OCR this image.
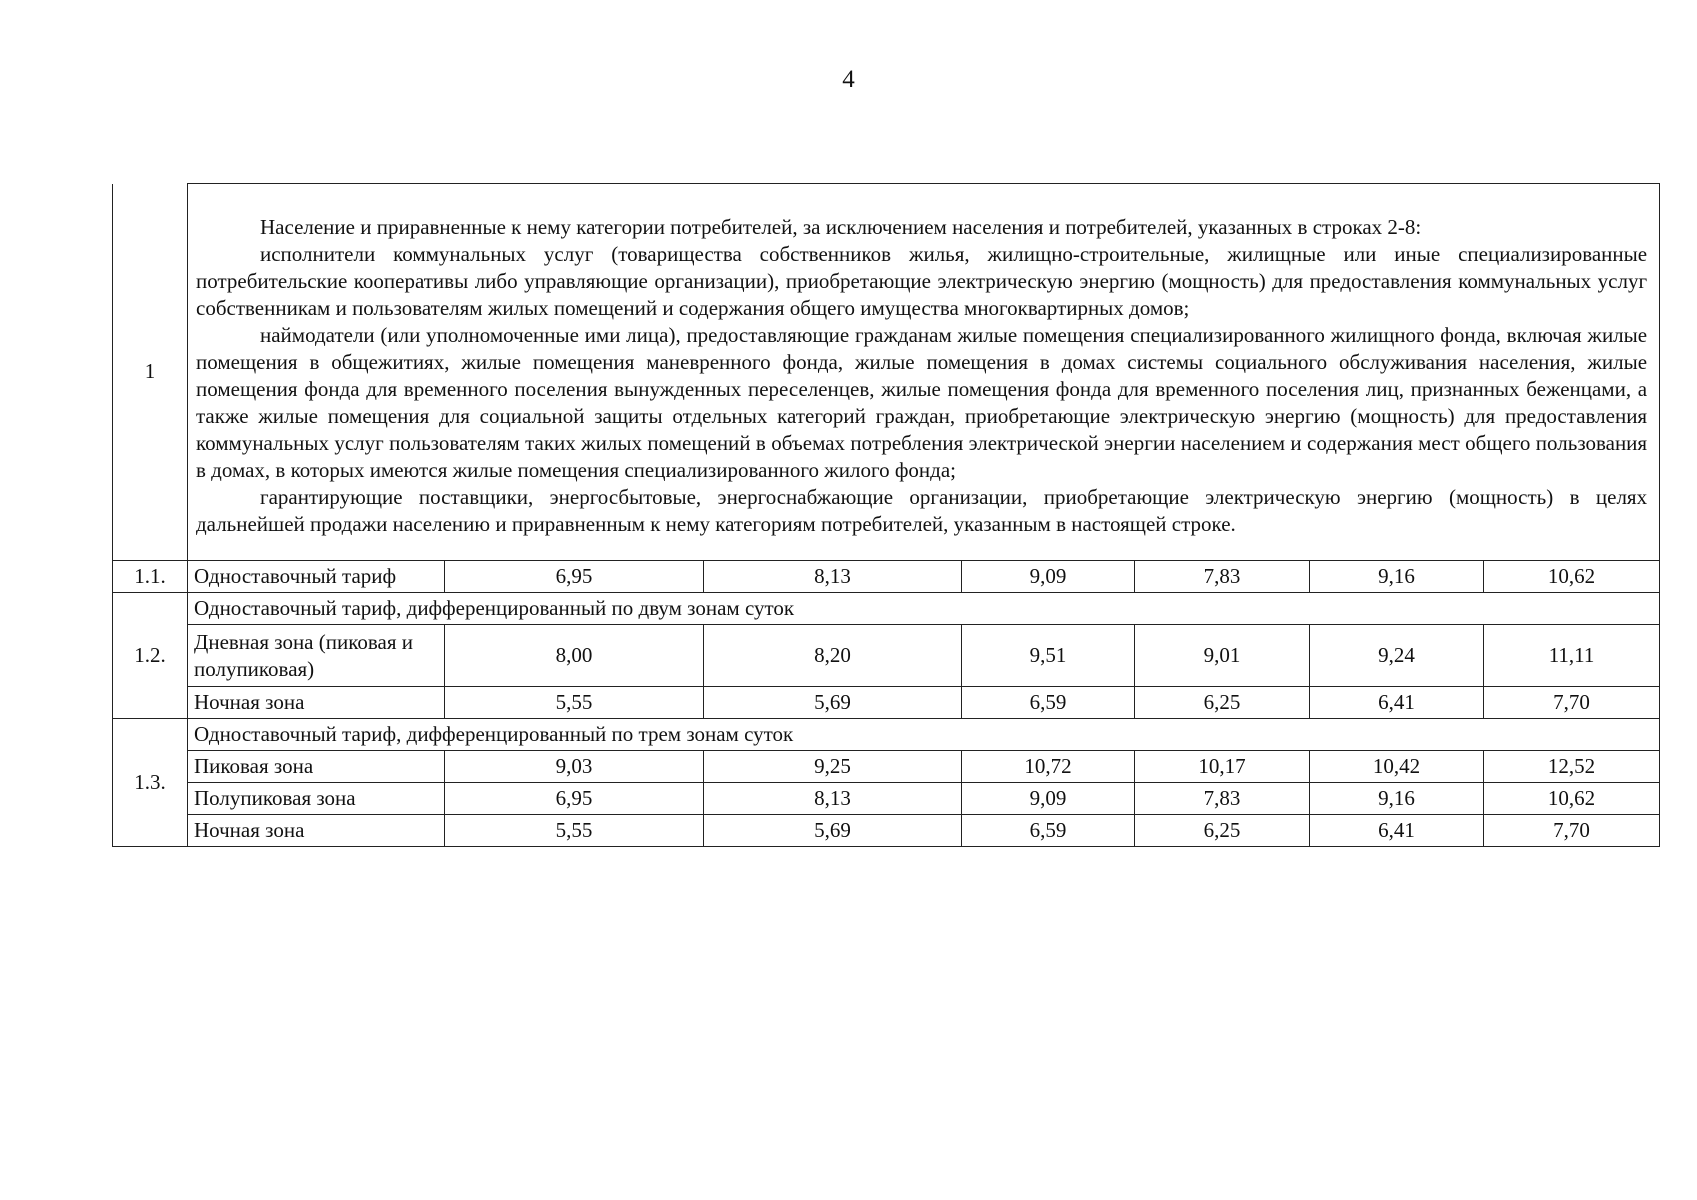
4
1	Население и приравненные к нему категории потребителей, за исключением населения и потребителей, указанных в строках 2-8:

исполнители коммунальных услуг (товарищества собственников жилья, жилищно-строительные, жилищные или иные специализированные потребительские кооперативы либо управляющие организации), приобретающие электрическую энергию (мощность) для предоставления коммунальных услуг собственникам и пользователям жилых помещений и содержания общего имущества многоквартирных домов;

наймодатели (или уполномоченные ими лица), предоставляющие гражданам жилые помещения специализированного жилищного фонда, включая жилые помещения в общежитиях, жилые помещения маневренного фонда, жилые помещения в домах системы социального обслуживания населения, жилые помещения фонда для временного поселения вынужденных переселенцев, жилые помещения фонда для временного поселения лиц, признанных беженцами, а также жилые помещения для социальной защиты отдельных категорий граждан, приобретающие электрическую энергию (мощность) для предоставления коммунальных услуг пользователям таких жилых помещений в объемах потребления электрической энергии населением и содержания мест общего пользования в домах, в которых имеются жилые помещения специализированного жилого фонда;

гарантирующие поставщики, энергосбытовые, энергоснабжающие организации, приобретающие электрическую энергию (мощность) в целях дальнейшей продажи населению и приравненным к нему категориям потребителей, указанным в настоящей строке.						

1.1.	Одноставочный тариф	6,95	8,13	9,09	7,83	9,16	10,62
1.2.	Одноставочный тариф, дифференцированный по двум зонам суток						
	Дневная зона (пиковая и полупиковая)	8,00	8,20	9,51	9,01	9,24	11,11
	Ночная зона	5,55	5,69	6,59	6,25	6,41	7,70
1.3.	Одноставочный тариф, дифференцированный по трем зонам суток						
	Пиковая зона	9,03	9,25	10,72	10,17	10,42	12,52
	Полупиковая зона	6,95	8,13	9,09	7,83	9,16	10,62
	Ночная зона	5,55	5,69	6,59	6,25	6,41	7,70
